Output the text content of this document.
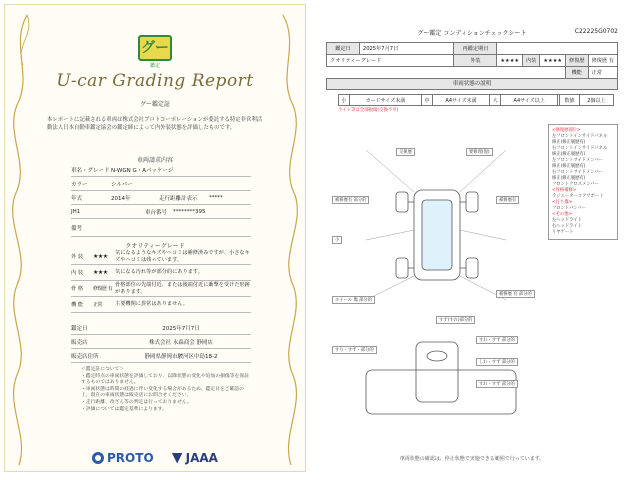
グー
鑑定
U-car Grading Report
グー鑑定証
本レポートに記載される車両は株式会社プロトコーポレーションが委託する特定非営利活動法人日本自動車鑑定協会の鑑定師によって内外装状態を評価したものです。
車両請求内容
車名・グレード N-WGN G・Aパッケージ
カラー	シルバー
年式	2014年	走行距離計表示	*****
JH1	車台番号	********395
備考
クオリティーグレード
外 装	★★★
気になるようなキズやヘコミは補修済みですが、小さなキズやヘコミは残っています。
内 装	★★★	気になる汚れ等が部分的にあります。
骨 格	修復歴 有
骨格部位の先端付近、または後端付近に衝撃を受けた形跡があります。
機 能	正常	主要機関に異常はありません。
鑑定日	2025年7月7日
販売店	株式会社 永森商会 静岡店
販売店住所	静岡県静岡市駿河区中島18-2
＜鑑定証について＞
・鑑定時点の車両状態を評価しており、以降状態の変化や追加の損傷等を保証するものではありません。
・車両状態は時間の経過に伴い変化する場合があるため、鑑定日をご確認の上、現在の車両状態は販売店にお問合せください。
・走行距離、改ざん等の判定は行っておりません。
・評価については鑑定基準によります。
PROTO	JAAA
グー鑑定 コンディションチェックシート	C22225G0702
鑑定日	2025年7月7日	再鑑定期日					
クオリティーグレード		外装	★★★★	内装	★★★★	修復歴	修復歴 有
						機能	正常
車両状態の説明
小	カードサイズ未満	中	A4サイズ未満	大	A4サイズ以上		数値	2個以上
ライト等は全部損傷(交換不可)
交換歴	要修理(復)
補修歴有 部分的	補修歴有
小
ホイール 傷 部分的
補修歴 有 部分的
すず(すれ)部分的
すり・すず・部分的
すれ・すず 部分的
しわ・すず 部分的
すれ・すず 部分的
<修復歴部位>
左フロントインサイドパネル
修正(修正履歴有)
右フロントインサイドパネル
修正(修正履歴有)
左フロントサイドメンバー
修正(修正履歴有)
右フロントサイドメンバー
修正(修正履歴有)
フロントクロスメンバー
<骨格補修>
ラジエーターコアサポート
<打ち傷>
フロントバンパー
<その他>
左ヘッドライト
右ヘッドライト
リヤゲート
車両状態の確認は、停止状態で実施できる範囲で行っています。
